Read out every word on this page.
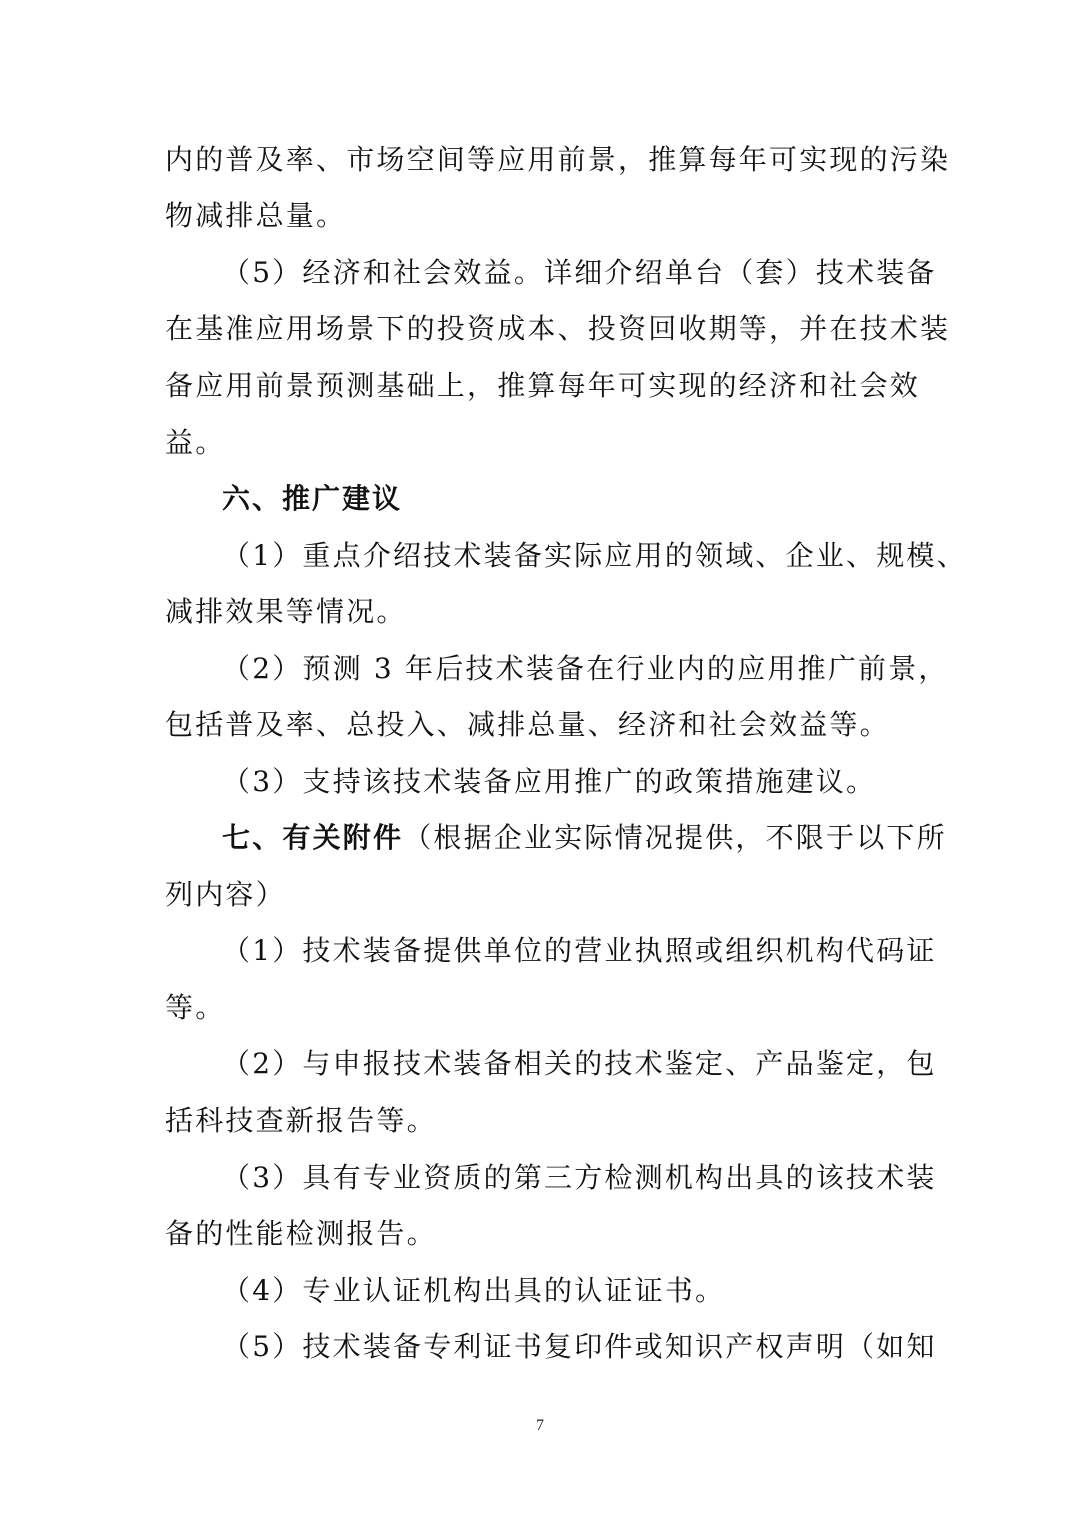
内的普及率、市场空间等应用前景，推算每年可实现的污染
物减排总量。
（5）经济和社会效益。详细介绍单台（套）技术装备
在基准应用场景下的投资成本、投资回收期等，并在技术装
备应用前景预测基础上，推算每年可实现的经济和社会效
益。
六、推广建议
（1）重点介绍技术装备实际应用的领域、企业、规模、
减排效果等情况。
（2）预测 3 年后技术装备在行业内的应用推广前景，
包括普及率、总投入、减排总量、经济和社会效益等。
（3）支持该技术装备应用推广的政策措施建议。
七、有关附件（根据企业实际情况提供，不限于以下所
列内容）
（1）技术装备提供单位的营业执照或组织机构代码证
等。
（2）与申报技术装备相关的技术鉴定、产品鉴定，包
括科技查新报告等。
（3）具有专业资质的第三方检测机构出具的该技术装
备的性能检测报告。
（4）专业认证机构出具的认证证书。
（5）技术装备专利证书复印件或知识产权声明（如知
7
